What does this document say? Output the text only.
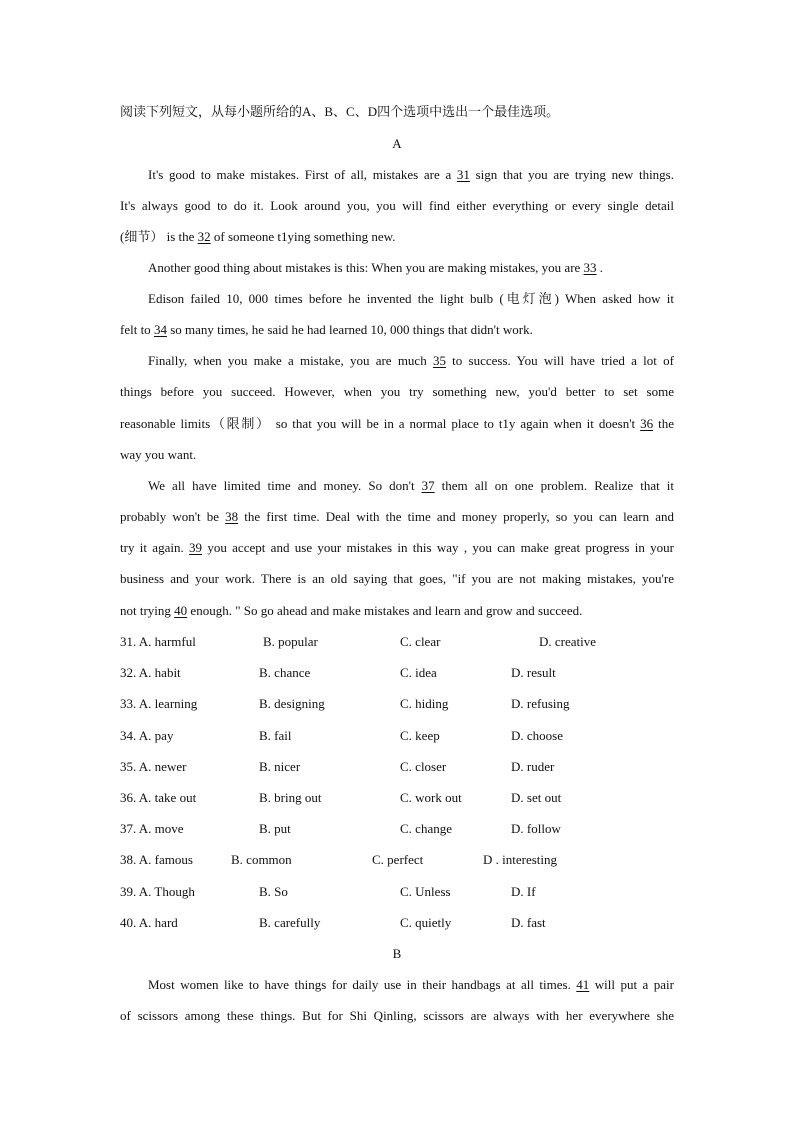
阅读下列短文，从每小题所给的A、B、C、D四个选项中选出一个最佳选项。
A
It's good to make mistakes. First of all, mistakes are a 31 sign that you are trying new things.
It's always good to do it. Look around you, you will find either everything or every single detail
(细节） is the 32 of someone t1ying something new.
Another good thing about mistakes is this: When you are making mistakes, you are 33 .
Edison failed 10, 000 times before he invented the light bulb (电灯泡) When asked how it
felt to 34 so many times, he said he had learned 10, 000 things that didn't work.
Finally, when you make a mistake, you are much 35 to success. You will have tried a lot of
things before you succeed. However, when you try something new, you'd better to set some
reasonable limits（限制） so that you will be in a normal place to t1y again when it doesn't 36 the
way you want.
We all have limited time and money. So don't 37 them all on one problem. Realize that it
probably won't be 38 the first time. Deal with the time and money properly, so you can learn and
try it again. 39 you accept and use your mistakes in this way , you can make great progress in your
business and your work. There is an old saying that goes, "if you are not making mistakes, you're
not trying 40 enough. " So go ahead and make mistakes and learn and grow and succeed.
31. A. harmful	B. popular	C. clear	D. creative
32. A. habit	B. chance	C. idea	D. result
33. A. learning	B. designing	C. hiding	D. refusing
34. A. pay	B. fail	C. keep	D. choose
35. A. newer	B. nicer	C. closer	D. ruder
36. A. take out	B. bring out	C. work out	D. set out
37. A. move	B. put	C. change	D. follow
38. A. famous	B. common	C. perfect	D . interesting
39. A. Though	B. So	C. Unless	D. If
40. A. hard	B. carefully	C. quietly	D. fast
B
Most women like to have things for daily use in their handbags at all times. 41 will put a pair
of scissors among these things. But for Shi Qinling, scissors are always with her everywhere she
